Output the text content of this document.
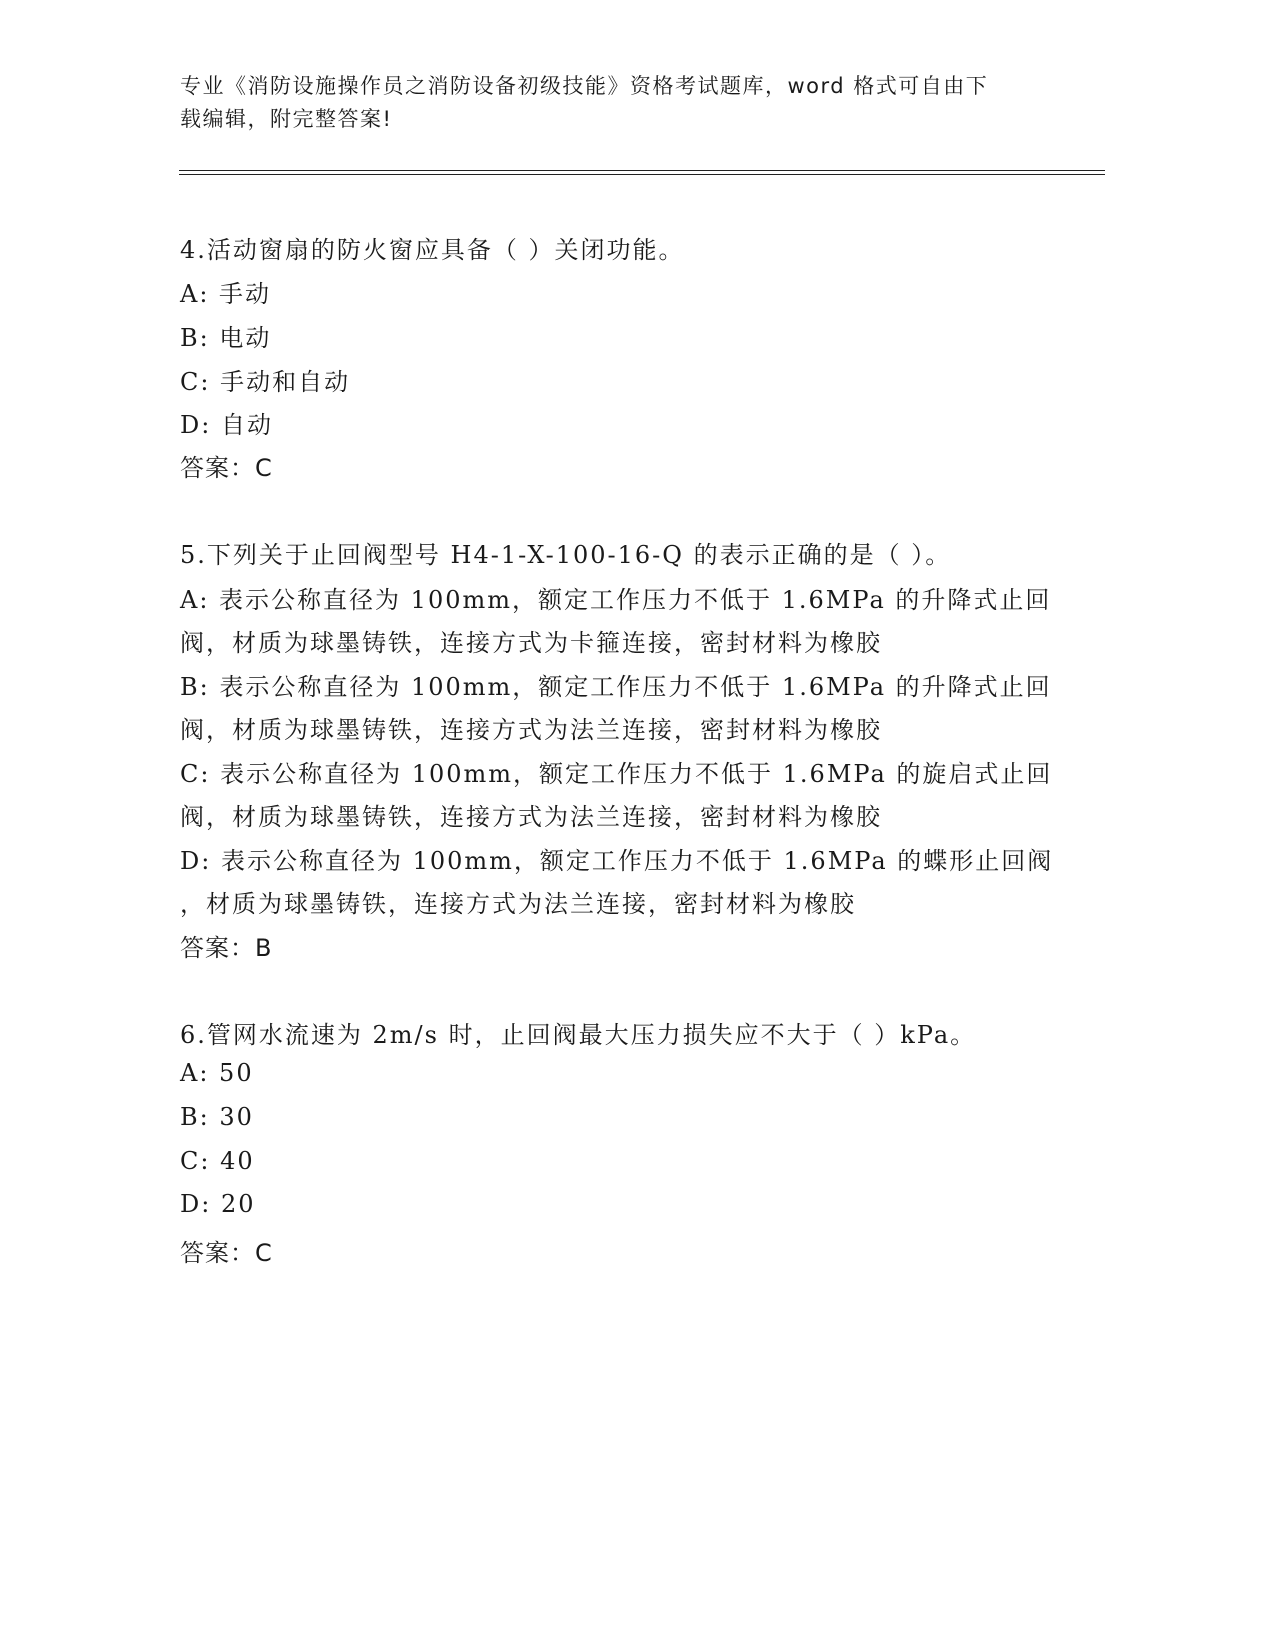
专业《消防设施操作员之消防设备初级技能》资格考试题库，word 格式可自由下
载编辑，附完整答案!
4.活动窗扇的防火窗应具备（ ）关闭功能。
A: 手动
B: 电动
C: 手动和自动
D: 自动
答案：C
5.下列关于止回阀型号 H4-1-X-100-16-Q 的表示正确的是（ ）。
A: 表示公称直径为 100mm，额定工作压力不低于 1.6MPa 的升降式止回
阀，材质为球墨铸铁，连接方式为卡箍连接，密封材料为橡胶
B: 表示公称直径为 100mm，额定工作压力不低于 1.6MPa 的升降式止回
阀，材质为球墨铸铁，连接方式为法兰连接，密封材料为橡胶
C: 表示公称直径为 100mm，额定工作压力不低于 1.6MPa 的旋启式止回
阀，材质为球墨铸铁，连接方式为法兰连接，密封材料为橡胶
D: 表示公称直径为 100mm，额定工作压力不低于 1.6MPa 的蝶形止回阀
，材质为球墨铸铁，连接方式为法兰连接，密封材料为橡胶
答案：B
6.管网水流速为 2m/s 时，止回阀最大压力损失应不大于（ ）kPa。
A: 50
B: 30
C: 40
D: 20
答案：C
